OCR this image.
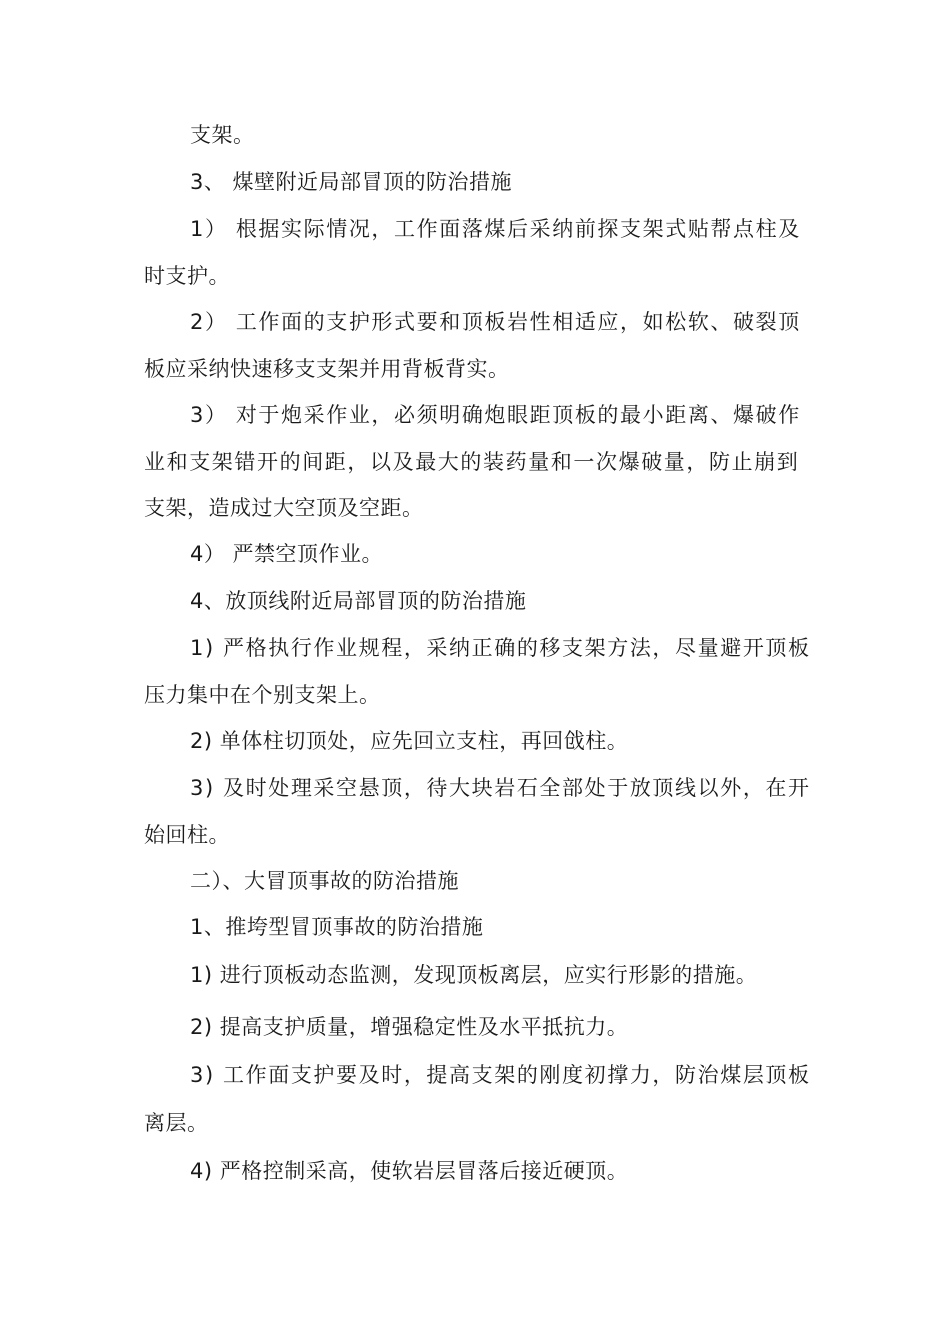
支架。
3、 煤壁附近局部冒顶的防治措施
1） 根据实际情况，工作面落煤后采纳前探支架式贴帮点柱及
时支护。
2） 工作面的支护形式要和顶板岩性相适应，如松软、破裂顶
板应采纳快速移支支架并用背板背实。
3） 对于炮采作业，必须明确炮眼距顶板的最小距离、爆破作
业和支架错开的间距，以及最大的装药量和一次爆破量，防止崩到
支架，造成过大空顶及空距。
4） 严禁空顶作业。
4、放顶线附近局部冒顶的防治措施
1) 严格执行作业规程，采纳正确的移支架方法，尽量避开顶板
压力集中在个别支架上。
2) 单体柱切顶处，应先回立支柱，再回戗柱。
3) 及时处理采空悬顶，待大块岩石全部处于放顶线以外，在开
始回柱。
二）、大冒顶事故的防治措施
1、推垮型冒顶事故的防治措施
1) 进行顶板动态监测，发现顶板离层，应实行形影的措施。
2) 提高支护质量，增强稳定性及水平抵抗力。
3) 工作面支护要及时，提高支架的刚度初撑力，防治煤层顶板
离层。
4) 严格控制采高，使软岩层冒落后接近硬顶。
